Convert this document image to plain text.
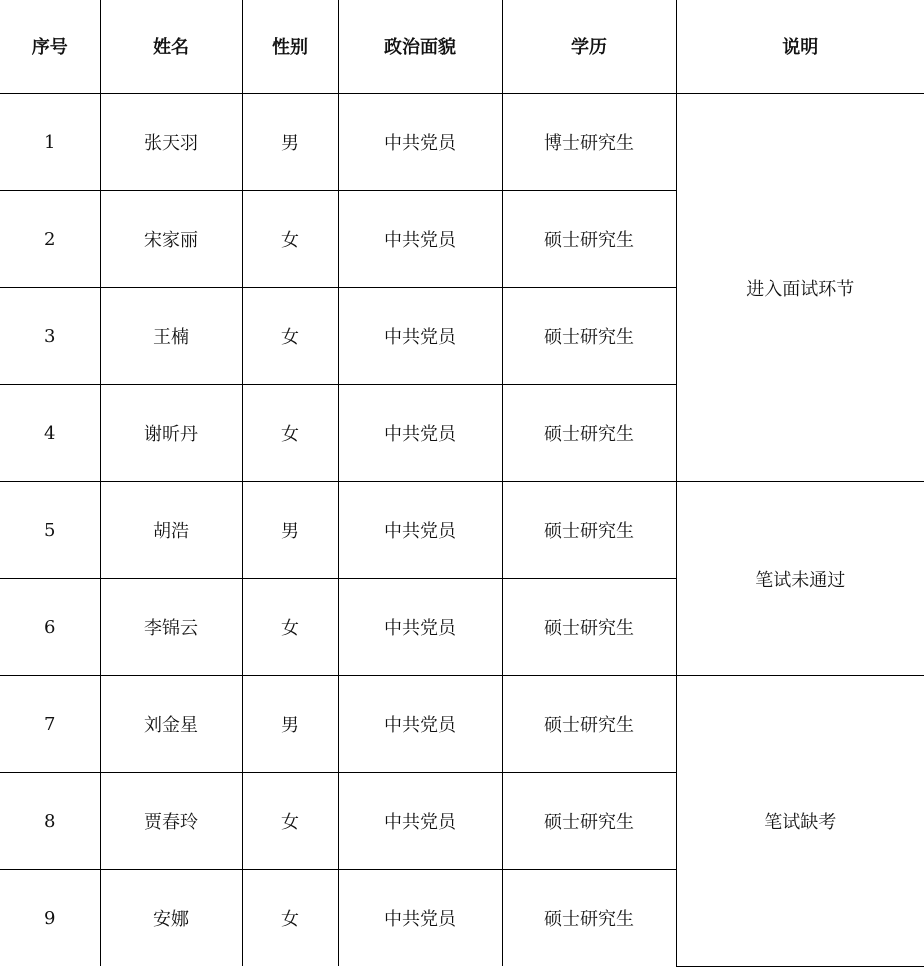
序号	姓名	性别	政治面貌	学历	说明
1	张天羽	男	中共党员	博士研究生	进入面试环节
2	宋家丽	女	中共党员	硕士研究生	
3	王楠	女	中共党员	硕士研究生	
4	谢昕丹	女	中共党员	硕士研究生	
5	胡浩	男	中共党员	硕士研究生	笔试未通过
6	李锦云	女	中共党员	硕士研究生	
7	刘金星	男	中共党员	硕士研究生	笔试缺考
8	贾春玲	女	中共党员	硕士研究生	
9	安娜	女	中共党员	硕士研究生	
